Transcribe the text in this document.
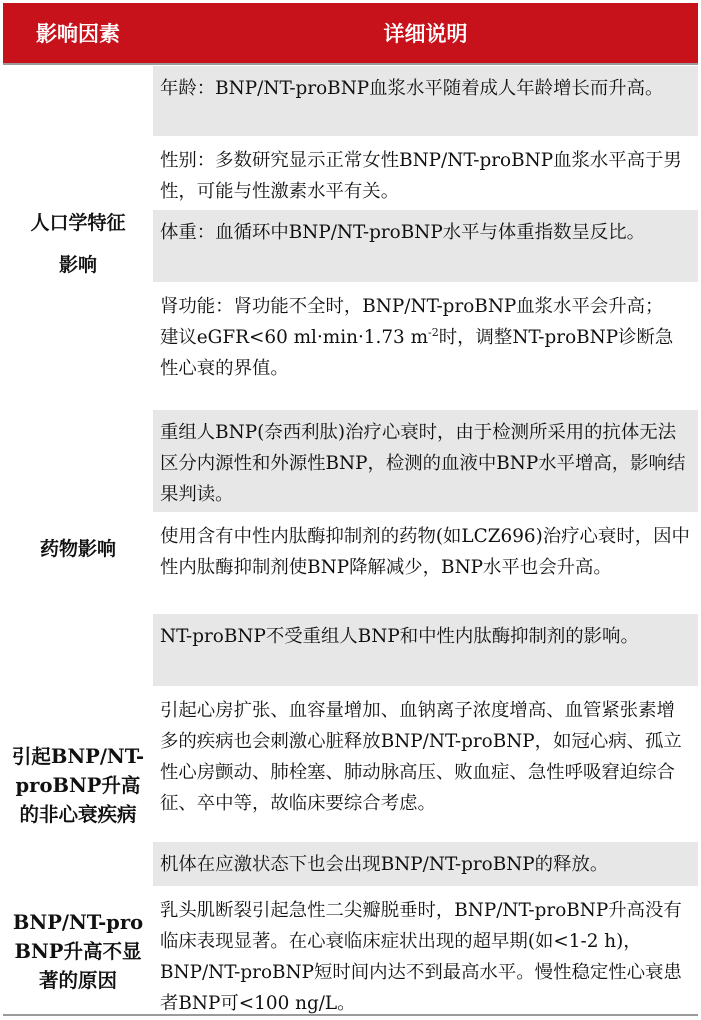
影响因素	详细说明
人口学特征
影响
药物影响
引起BNP/NT-
proBNP升高
的非心衰疾病
BNP/NT-pro
BNP升高不显
著的原因
年龄：BNP/NT-proBNP血浆水平随着成人年龄增长而升高。
性别：多数研究显示正常女性BNP/NT-proBNP血浆水平高于男性，可能与性激素水平有关。
体重：血循环中BNP/NT-proBNP水平与体重指数呈反比。
肾功能：肾功能不全时，BNP/NT-proBNP血浆水平会升高；
建议eGFR<60 ml·min·1.73 $m^{-2}$时，调整NT-proBNP诊断急性心衰的界值。
重组人BNP(奈西利肽)治疗心衰时，由于检测所采用的抗体无法区分内源性和外源性BNP，检测的血液中BNP水平增高，影响结果判读。
使用含有中性内肽酶抑制剂的药物(如LCZ696)治疗心衰时，因中性内肽酶抑制剂使BNP降解减少，BNP水平也会升高。
NT-proBNP不受重组人BNP和中性内肽酶抑制剂的影响。
引起心房扩张、血容量增加、血钠离子浓度增高、血管紧张素增多的疾病也会刺激心脏释放BNP/NT-proBNP，如冠心病、孤立性心房颤动、肺栓塞、肺动脉高压、败血症、急性呼吸窘迫综合征、卒中等，故临床要综合考虑。
机体在应激状态下也会出现BNP/NT-proBNP的释放。
乳头肌断裂引起急性二尖瓣脱垂时，BNP/NT-proBNP升高没有临床表现显著。在心衰临床症状出现的超早期(如<1-2 h)，BNP/NT-proBNP短时间内达不到最高水平。慢性稳定性心衰患者BNP可<100 ng/L。
